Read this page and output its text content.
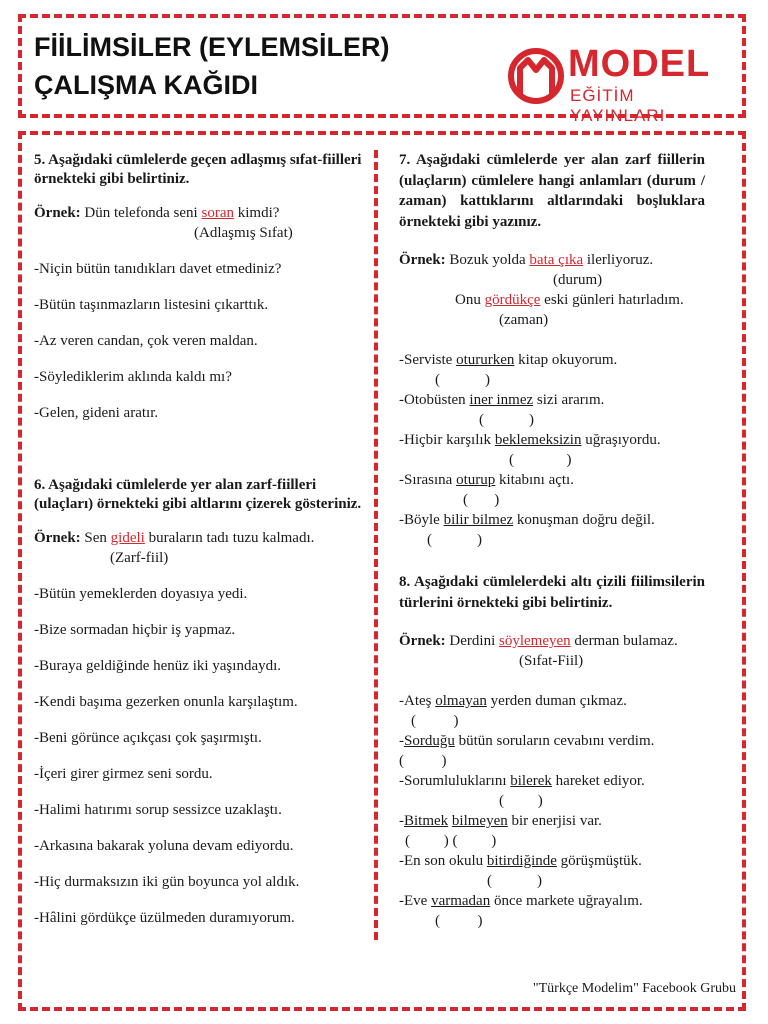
FİİLİMSİLER (EYLEMSİLER)
ÇALIŞMA KAĞIDI	MODEL
EĞİTİM YAYINLARI

5. Aşağıdaki cümlelerde geçen adlaşmış sıfat-fiilleri örnekteki gibi belirtiniz.

Örnek: Dün telefonda seni soran kimdi?

(Adlaşmış Sıfat)

-Niçin bütün tanıdıkları davet etmediniz?

-Bütün taşınmazların listesini çıkarttık.

-Az veren candan, çok veren maldan.

-Söylediklerim aklında kaldı mı?

-Gelen, gideni aratır.

6. Aşağıdaki cümlelerde yer alan zarf-fiilleri (ulaçları) örnekteki gibi altlarını çizerek gösteriniz.

Örnek: Sen gideli buraların tadı tuzu kalmadı.

(Zarf-fiil)

-Bütün yemeklerden doyasıya yedi.

-Bize sormadan hiçbir iş yapmaz.

-Buraya geldiğinde henüz iki yaşındaydı.

-Kendi başıma gezerken onunla karşılaştım.

-Beni görünce açıkçası çok şaşırmıştı.

-İçeri girer girmez seni sordu.

-Halimi hatırımı sorup sessizce uzaklaştı.

-Arkasına bakarak yoluna devam ediyordu.

-Hiç durmaksızın iki gün boyunca yol aldık.

-Hâlini gördükçe üzülmeden duramıyorum.

7. Aşağıdaki cümlelerde yer alan zarf fiillerin (ulaçların) cümlelere hangi anlamları (durum / zaman) kattıklarını altlarındaki boşluklara örnekteki gibi yazınız.

Örnek: Bozuk yolda bata çıka ilerliyoruz.

(durum)

Onu gördükçe eski günleri hatırladım.

(zaman)

-Serviste otururken kitap okuyorum.

(            )

-Otobüsten iner inmez sizi ararım.

(            )

-Hiçbir karşılık beklemeksizin uğraşıyordu.

(              )

-Sırasına oturup kitabını açtı.

(       )

-Böyle bilir bilmez konuşman doğru değil.

(            )

8. Aşağıdaki cümlelerdeki altı çizili fiilimsilerin türlerini örnekteki gibi belirtiniz.

Örnek: Derdini söylemeyen derman bulamaz.

(Sıfat-Fiil)

-Ateş olmayan yerden duman çıkmaz.

(          )

-Sorduğu bütün soruların cevabını verdim.

(          )

-Sorumluluklarını bilerek hareket ediyor.

(         )

-Bitmek bilmeyen bir enerjisi var.

(         ) (         )

-En son okulu bitirdiğinde görüşmüştük.

(            )

-Eve varmadan önce markete uğrayalım.

(          )

"Türkçe Modelim" Facebook Grubu
